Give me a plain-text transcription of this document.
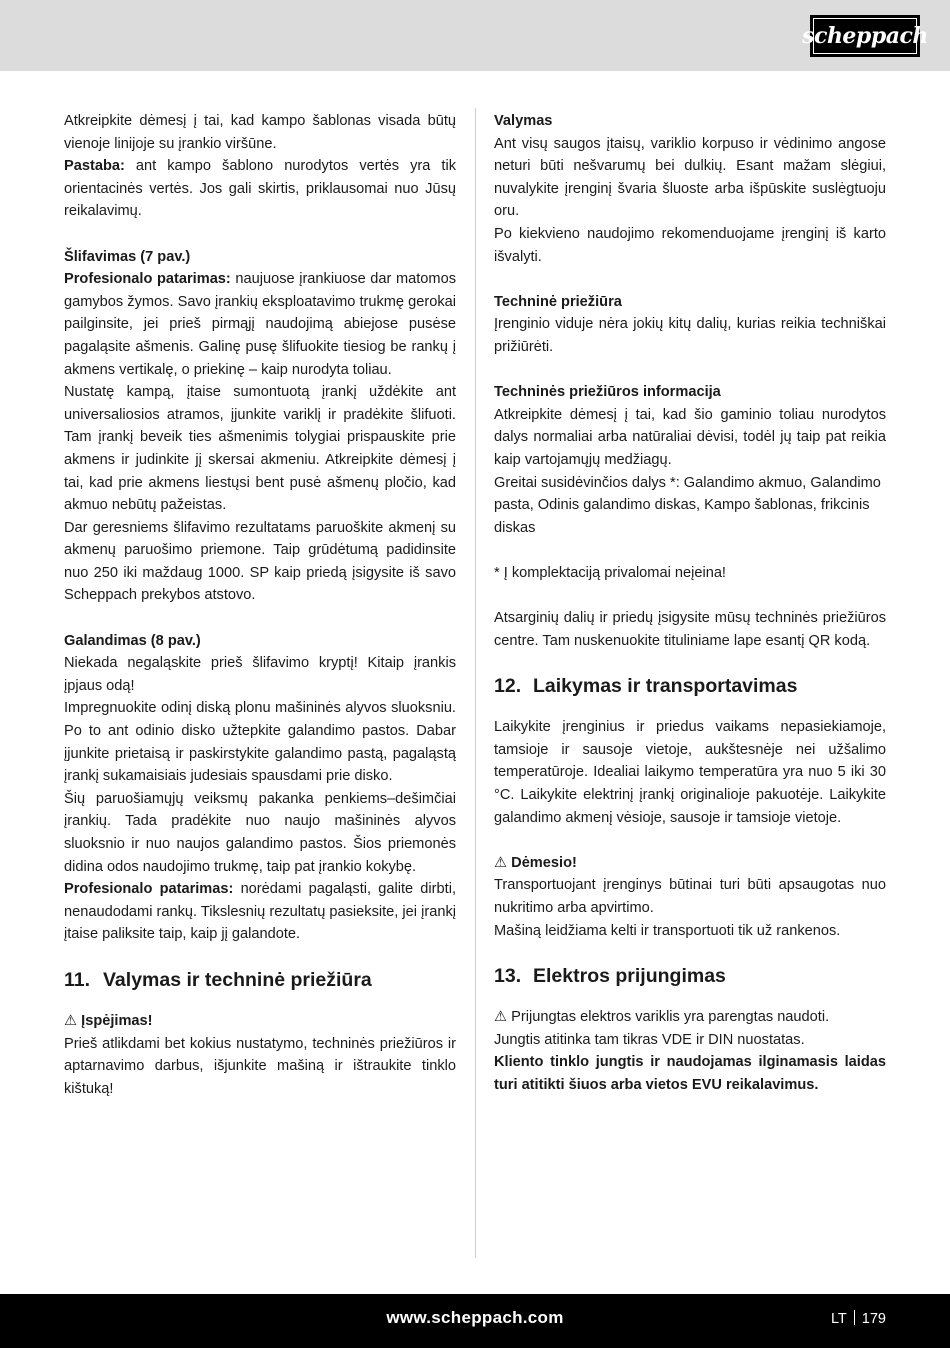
scheppach

Atkreipkite dėmesį į tai, kad kampo šablonas visada būtų vienoje linijoje su įrankio viršūne.

Pastaba: ant kampo šablono nurodytos vertės yra tik orientacinės vertės. Jos gali skirtis, priklausomai nuo Jūsų reikalavimų.

Šlifavimas (7 pav.)

Profesionalo patarimas: naujuose įrankiuose dar matomos gamybos žymos. Savo įrankių eksploatavimo trukmę gerokai pailginsite, jei prieš pirmąjį naudojimą abiejose pusėse pagaląsite ašmenis. Galinę pusę šlifuokite tiesiog be rankų į akmens vertikalę, o priekinę – kaip nurodyta toliau.

Nustatę kampą, įtaise sumontuotą įrankį uždėkite ant universaliosios atramos, įjunkite variklį ir pradėkite šlifuoti. Tam įrankį beveik ties ašmenimis tolygiai prispauskite prie akmens ir judinkite jį skersai akmeniu. Atkreipkite dėmesį į tai, kad prie akmens liestųsi bent pusė ašmenų pločio, kad akmuo nebūtų pažeistas.

Dar geresniems šlifavimo rezultatams paruoškite akmenį su akmenų paruošimo priemone. Taip grūdėtumą padidinsite nuo 250 iki maždaug 1000. SP kaip priedą įsigysite iš savo Scheppach prekybos atstovo.

Galandimas (8 pav.)

Niekada negaląskite prieš šlifavimo kryptį! Kitaip įrankis įpjaus odą!

Impregnuokite odinį diską plonu mašininės alyvos sluoksniu. Po to ant odinio disko užtepkite galandimo pastos. Dabar įjunkite prietaisą ir paskirstykite galandimo pastą, pagaląstą įrankį sukamaisiais judesiais spausdami prie disko.

Šių paruošiamųjų veiksmų pakanka penkiems–dešimčiai įrankių. Tada pradėkite nuo naujo mašininės alyvos sluoksnio ir nuo naujos galandimo pastos. Šios priemonės didina odos naudojimo trukmę, taip pat įrankio kokybę.

Profesionalo patarimas: norėdami pagaląsti, galite dirbti, nenaudodami rankų. Tikslesnių rezultatų pasieksite, jei įrankį įtaise paliksite taip, kaip jį galandote.

11. Valymas ir techninė priežiūra

⚠ Įspėjimas!

Prieš atlikdami bet kokius nustatymo, techninės priežiūros ir aptarnavimo darbus, išjunkite mašiną ir ištraukite tinklo kištuką!

Valymas

Ant visų saugos įtaisų, variklio korpuso ir vėdinimo angose neturi būti nešvarumų bei dulkių. Esant mažam slėgiui, nuvalykite įrenginį švaria šluoste arba išpūskite suslėgtuoju oru.

Po kiekvieno naudojimo rekomenduojame įrenginį iš karto išvalyti.

Techninė priežiūra

Įrenginio viduje nėra jokių kitų dalių, kurias reikia techniškai prižiūrėti.

Techninės priežiūros informacija

Atkreipkite dėmesį į tai, kad šio gaminio toliau nurodytos dalys normaliai arba natūraliai dėvisi, todėl jų taip pat reikia kaip vartojamųjų medžiagų.

Greitai susidėvinčios dalys *: Galandimo akmuo, Galandimo pasta, Odinis galandimo diskas, Kampo šablonas, frikcinis diskas

* Į komplektaciją privalomai neįeina!

Atsarginių dalių ir priedų įsigysite mūsų techninės priežiūros centre. Tam nuskenuokite tituliniame lape esantį QR kodą.

12. Laikymas ir transportavimas

Laikykite įrenginius ir priedus vaikams nepasiekiamoje, tamsioje ir sausoje vietoje, aukštesnėje nei užšalimo temperatūroje. Idealiai laikymo temperatūra yra nuo 5 iki 30 °C. Laikykite elektrinį įrankį originalioje pakuotėje. Laikykite galandimo akmenį vėsioje, sausoje ir tamsioje vietoje.

⚠ Dėmesio!

Transportuojant įrenginys būtinai turi būti apsaugotas nuo nukritimo arba apvirtimo.

Mašiną leidžiama kelti ir transportuoti tik už rankenos.

13. Elektros prijungimas

⚠ Prijungtas elektros variklis yra parengtas naudoti.

Jungtis atitinka tam tikras VDE ir DIN nuostatas.

Kliento tinklo jungtis ir naudojamas ilginamasis laidas turi atitikti šiuos arba vietos EVU reikalavimus.

www.scheppach.com	LT 179
